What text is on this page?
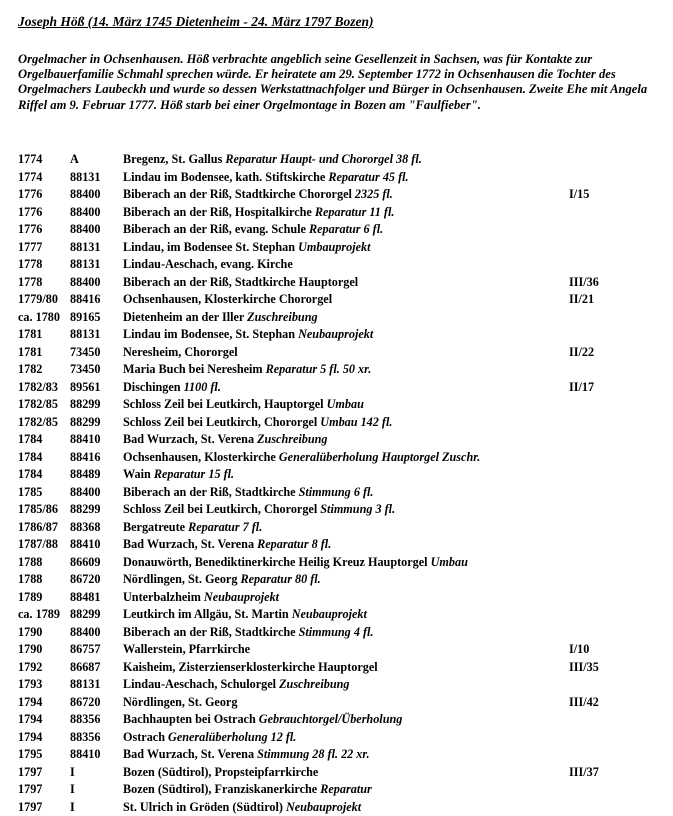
Joseph Höß (14. März 1745 Dietenheim - 24. März 1797 Bozen)

Orgelmacher in Ochsenhausen. Höß verbrachte angeblich seine Gesellenzeit in Sachsen, was für Kontakte zur Orgelbauerfamilie Schmahl sprechen würde. Er heiratete am 29. September 1772 in Ochsenhausen die Tochter des Orgelmachers Laubeckh und wurde so dessen Werkstattnachfolger und Bürger in Ochsenhausen. Zweite Ehe mit Angela Riffel am 9. Februar 1777. Höß starb bei einer Orgelmontage in Bozen am "Faulfieber".

1774 A	Bregenz, St. Gallus Reparatur Haupt- und Chororgel 38 fl.
1774 88131 Lindau im Bodensee, kath. Stiftskirche Reparatur 45 fl.
1776 88400 Biberach an der Riß, Stadtkirche Chororgel 2325 fl.	I/15
1776 88400 Biberach an der Riß, Hospitalkirche Reparatur 11 fl.
1776 88400 Biberach an der Riß, evang. Schule Reparatur 6 fl.
1777 88131 Lindau, im Bodensee St. Stephan Umbauprojekt
1778 88131 Lindau-Aeschach, evang. Kirche
1778 88400 Biberach an der Riß, Stadtkirche Hauptorgel	III/36
1779/80 88416 Ochsenhausen, Klosterkirche Chororgel	II/21
ca. 1780 89165 Dietenheim an der Iller Zuschreibung
1781 88131 Lindau im Bodensee, St. Stephan Neubauprojekt
1781 73450 Neresheim, Chororgel	II/22
1782 73450 Maria Buch bei Neresheim Reparatur 5 fl. 50 xr.
1782/83 89561 Dischingen 1100 fl.	II/17
1782/85 88299 Schloss Zeil bei Leutkirch, Hauptorgel Umbau
1782/85 88299 Schloss Zeil bei Leutkirch, Chororgel Umbau 142 fl.
1784 88410 Bad Wurzach, St. Verena Zuschreibung
1784 88416 Ochsenhausen, Klosterkirche Generalüberholung Hauptorgel Zuschr.
1784 88489 Wain Reparatur 15 fl.
1785 88400 Biberach an der Riß, Stadtkirche Stimmung 6 fl.
1785/86 88299 Schloss Zeil bei Leutkirch, Chororgel Stimmung 3 fl.
1786/87 88368 Bergatreute Reparatur 7 fl.
1787/88 88410 Bad Wurzach, St. Verena Reparatur 8 fl.
1788 86609 Donauwörth, Benediktinerkirche Heilig Kreuz Hauptorgel Umbau
1788 86720 Nördlingen, St. Georg Reparatur 80 fl.
1789 88481 Unterbalzheim Neubauprojekt
ca. 1789 88299 Leutkirch im Allgäu, St. Martin Neubauprojekt
1790 88400 Biberach an der Riß, Stadtkirche Stimmung 4 fl.
1790 86757 Wallerstein, Pfarrkirche	I/10
1792 86687 Kaisheim, Zisterzienserklosterkirche Hauptorgel	III/35
1793 88131 Lindau-Aeschach, Schulorgel Zuschreibung
1794 86720 Nördlingen, St. Georg	III/42
1794 88356 Bachhaupten bei Ostrach Gebrauchtorgel/Überholung
1794 88356 Ostrach Generalüberholung 12 fl.
1795 88410 Bad Wurzach, St. Verena Stimmung 28 fl. 22 xr.
1797 I	Bozen (Südtirol), Propsteipfarrkirche	III/37
1797 I	Bozen (Südtirol), Franziskanerkirche Reparatur
1797 I	St. Ulrich in Gröden (Südtirol) Neubauprojekt
